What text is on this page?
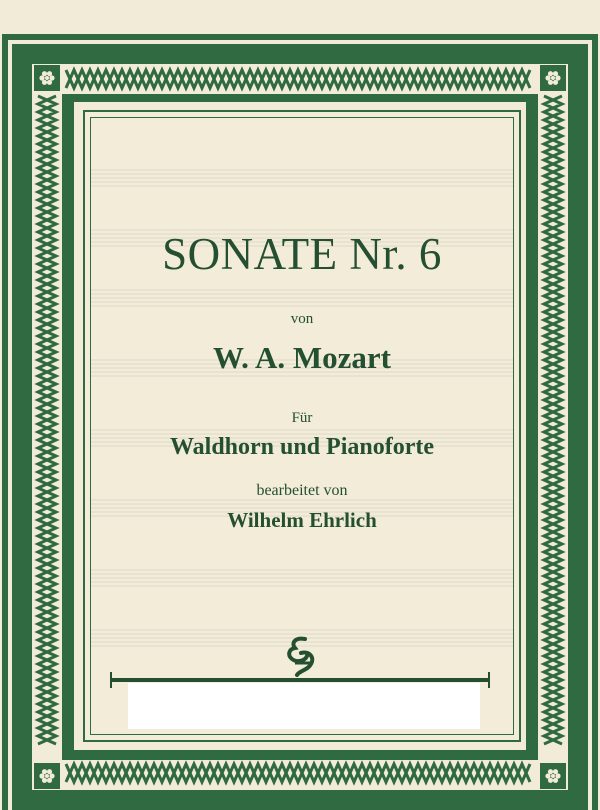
SONATE Nr. 6
von
W. A. Mozart
Für
Waldhorn und Pianoforte
bearbeitet von
Wilhelm Ehrlich
